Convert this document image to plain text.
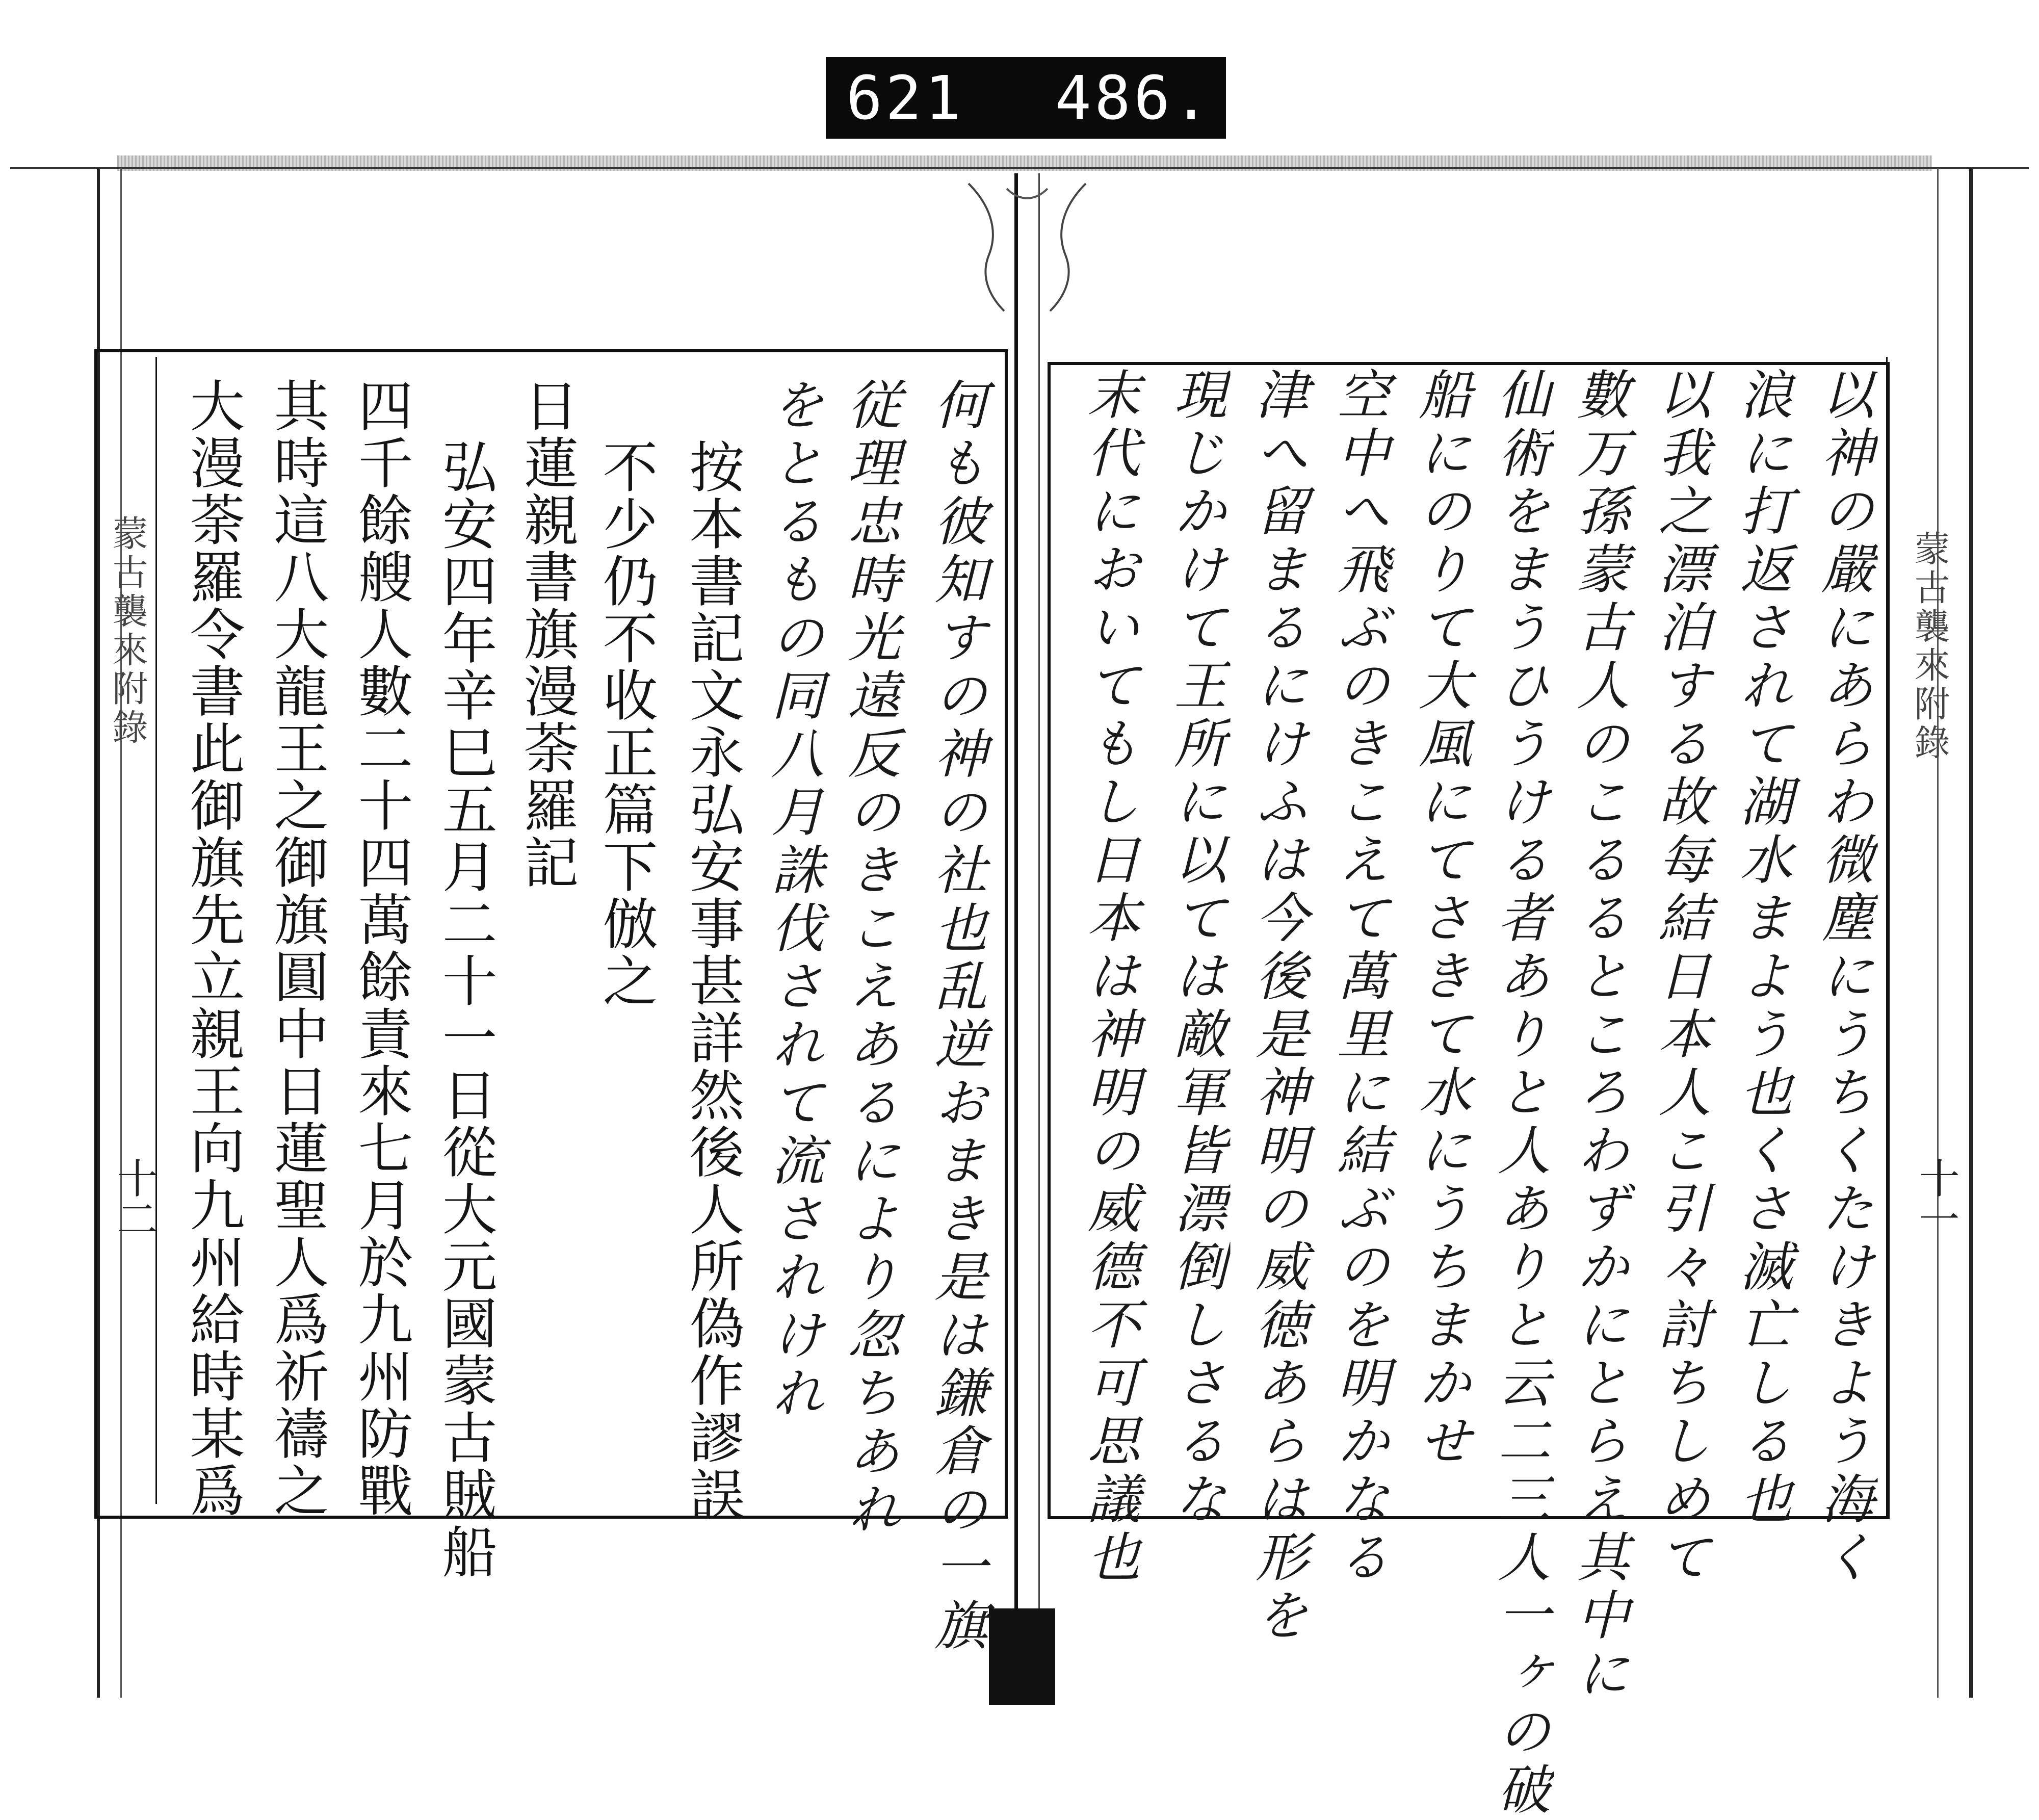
621

486.

蒙古襲來附錄
十二	何も彼知すの神の社也乱逆おまき是は鎌倉の一旗
従理忠時光遠反のきこえあるにより忽ちあれ
をとるもの同八月誅伐されて流されけれ
按本書記文永弘安事甚詳然後人所偽作謬誤
不少仍不收正篇下倣之
日蓮親書旗漫荼羅記
弘安四年辛巳五月二十一日從大元國蒙古賊船
四千餘艘人數二十四萬餘責來七月於九州防戰
其時這八大龍王之御旗圓中日蓮聖人爲祈禱之
大漫荼羅令書此御旗先立親王向九州給時某爲	蒙古襲來附錄
十一
以神の嚴にあらわ微塵にうちくたけきよう海く
浪に打返されて湖水まよう也くさ滅亡しる也
以我之漂泊する故每結日本人こ引々討ちしめて
數万孫蒙古人のこるるところわずかにとらえ其中に
仙術をまうひうける者ありと人ありと云二三人一ヶの破
船にのりて大風にてさきて水にうちまかせ
空中へ飛ぶのきこえて萬里に結ぶのを明かなる
津へ留まるにけふは今後是神明の威徳あらは形を
現じかけて王所に以ては敵軍皆漂倒しさるな
末代においてもし日本は神明の威德不可思議也
